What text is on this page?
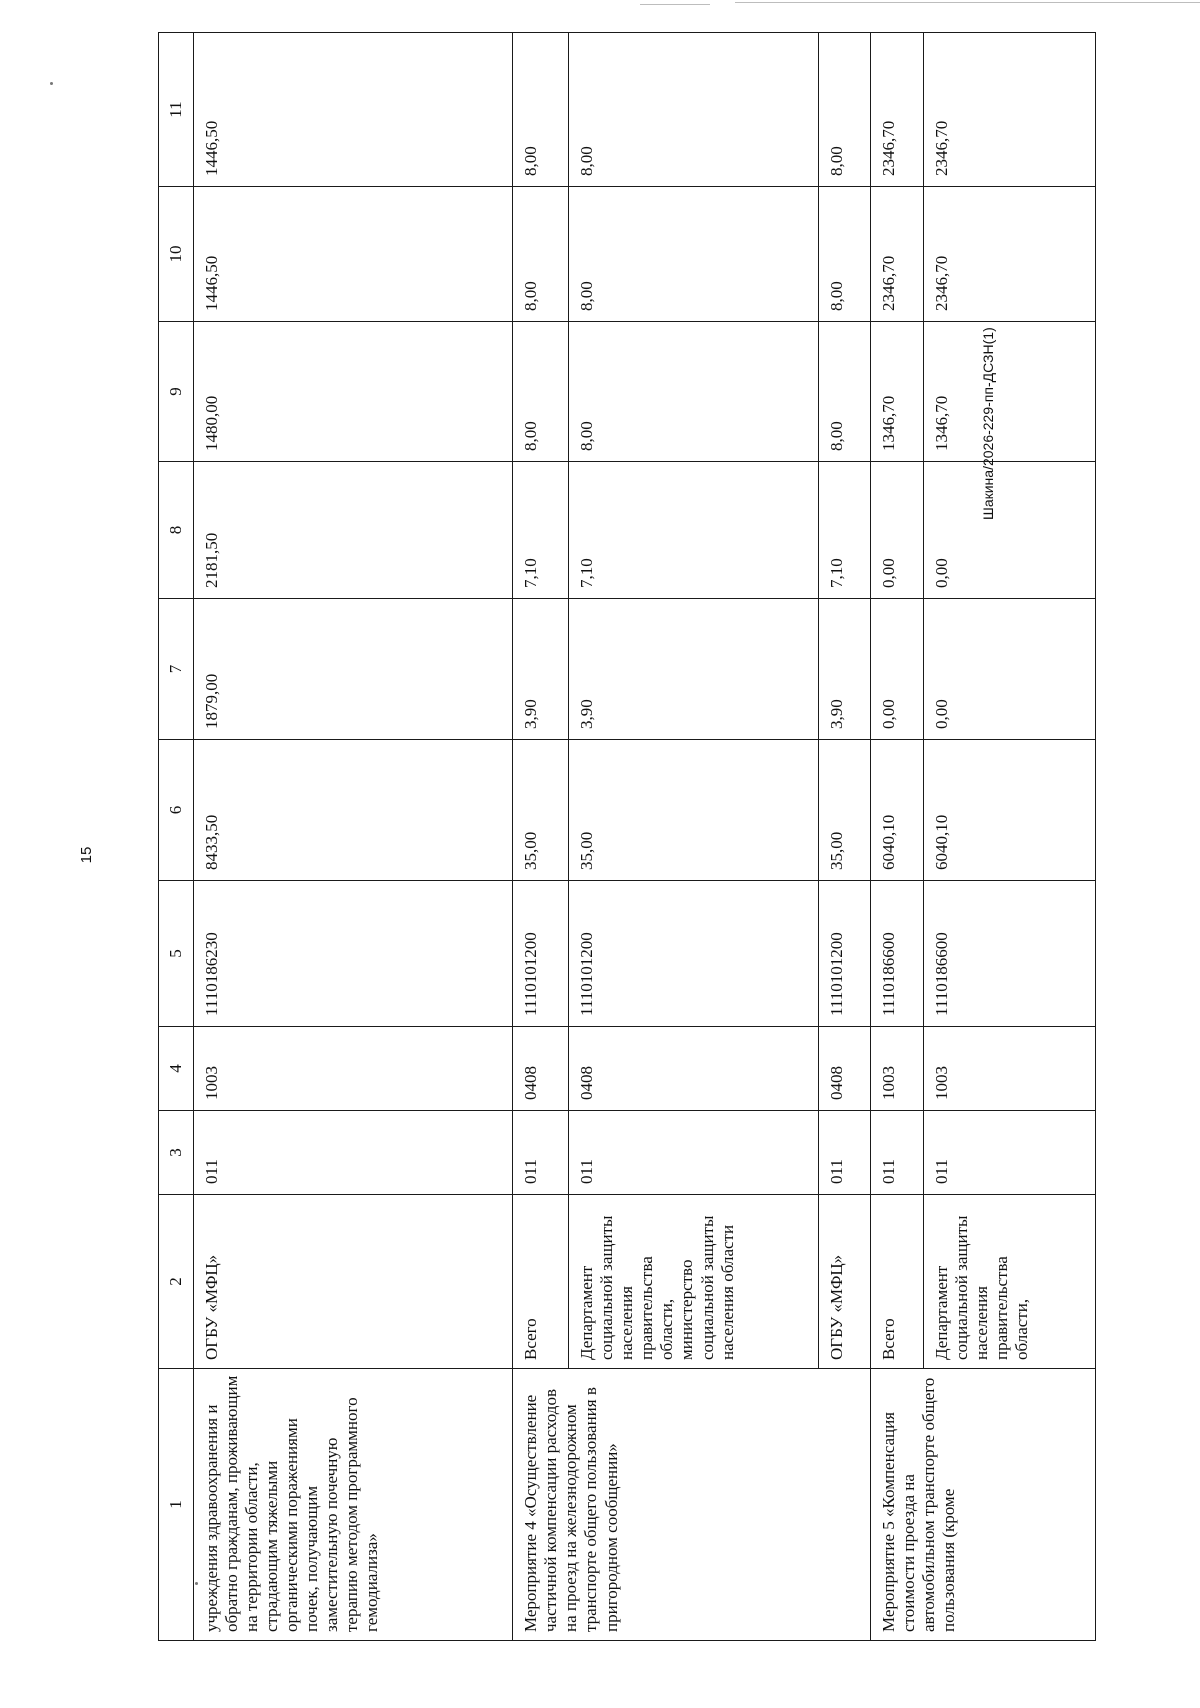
15
1	2	3	4	5	6	7	8	9	10	11
учреждения здравоохранения и обратно гражданам, проживающим на территории области, страдающим тяжелыми органическими поражениями почек, получающим заместительную почечную терапию методом программного гемодиализа»	ОГБУ «МФЦ»	011	1003	1110186230	8433,50	1879,00	2181,50	1480,00	1446,50	1446,50
Мероприятие 4 «Осуществление частичной компенсации расходов на проезд на железнодорожном транспорте общего пользования в пригородном сообщении»	Всего	011	0408	1110101200	35,00	3,90	7,10	8,00	8,00	8,00
	Департамент социальной защиты населения правительства области, министерство социальной защиты населения области	011	0408	1110101200	35,00	3,90	7,10	8,00	8,00	8,00
	ОГБУ «МФЦ»	011	0408	1110101200	35,00	3,90	7,10	8,00	8,00	8,00
Мероприятие 5 «Компенсация стоимости проезда на автомобильном транспорте общего пользования (кроме	Всего	011	1003	1110186600	6040,10	0,00	0,00	1346,70	2346,70	2346,70
	Департамент социальной защиты населения правительства области,	011	1003	1110186600	6040,10	0,00	0,00	1346,70	2346,70	2346,70
Шакина/2026-229-пп-ДСЗН(1)
